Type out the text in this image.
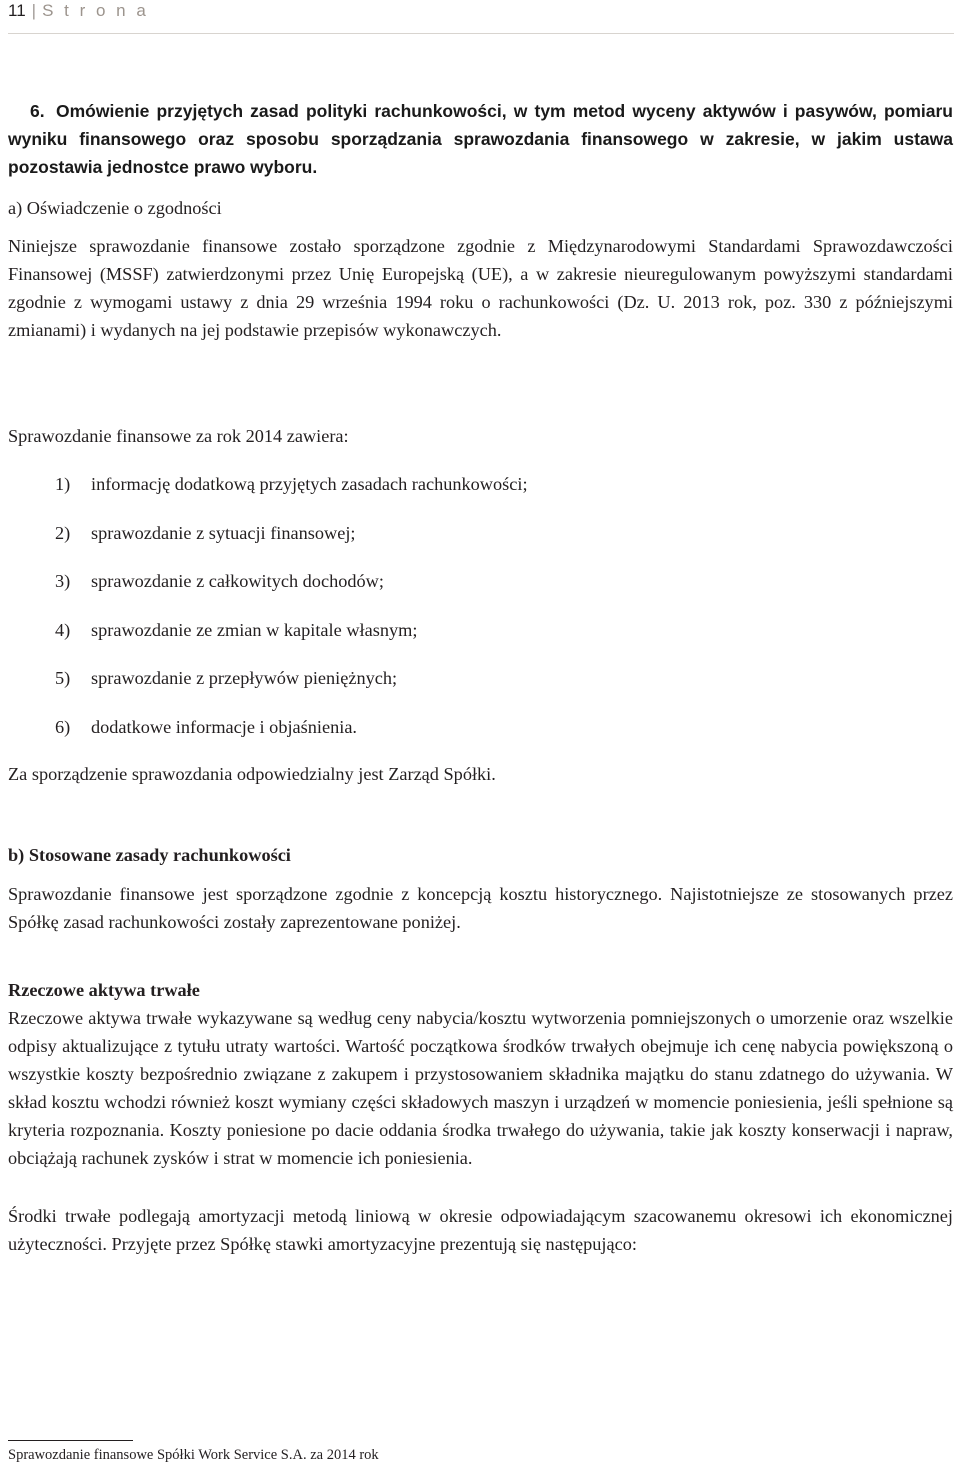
11 | S t r o n a
6. Omówienie przyjętych zasad polityki rachunkowości, w tym metod wyceny aktywów i pasywów, pomiaru wyniku finansowego oraz sposobu sporządzania sprawozdania finansowego w zakresie, w jakim ustawa pozostawia jednostce prawo wyboru.
a) Oświadczenie o zgodności
Niniejsze sprawozdanie finansowe zostało sporządzone zgodnie z Międzynarodowymi Standardami Sprawozdawczości Finansowej (MSSF) zatwierdzonymi przez Unię Europejską (UE), a w zakresie nieuregulowanym powyższymi standardami zgodnie z wymogami ustawy z dnia 29 września 1994 roku o rachunkowości (Dz. U. 2013 rok, poz. 330 z późniejszymi zmianami) i wydanych na jej podstawie przepisów wykonawczych.
Sprawozdanie finansowe za rok 2014 zawiera:
1) informację dodatkową przyjętych zasadach rachunkowości;
2) sprawozdanie z sytuacji finansowej;
3) sprawozdanie z całkowitych dochodów;
4) sprawozdanie ze zmian w kapitale własnym;
5) sprawozdanie z przepływów pieniężnych;
6) dodatkowe informacje i objaśnienia.
Za sporządzenie sprawozdania odpowiedzialny jest Zarząd Spółki.
b) Stosowane zasady rachunkowości
Sprawozdanie finansowe jest sporządzone zgodnie z koncepcją kosztu historycznego. Najistotniejsze ze stosowanych przez Spółkę zasad rachunkowości zostały zaprezentowane poniżej.
Rzeczowe aktywa trwałe
Rzeczowe aktywa trwałe wykazywane są według ceny nabycia/kosztu wytworzenia pomniejszonych o umorzenie oraz wszelkie odpisy aktualizujące z tytułu utraty wartości. Wartość początkowa środków trwałych obejmuje ich cenę nabycia powiększoną o wszystkie koszty bezpośrednio związane z zakupem i przystosowaniem składnika majątku do stanu zdatnego do używania. W skład kosztu wchodzi również koszt wymiany części składowych maszyn i urządzeń w momencie poniesienia, jeśli spełnione są kryteria rozpoznania. Koszty poniesione po dacie oddania środka trwałego do używania, takie jak koszty konserwacji i napraw, obciążają rachunek zysków i strat w momencie ich poniesienia.
Środki trwałe podlegają amortyzacji metodą liniową w okresie odpowiadającym szacowanemu okresowi ich ekonomicznej użyteczności. Przyjęte przez Spółkę stawki amortyzacyjne prezentują się następująco:
Sprawozdanie finansowe Spółki Work Service S.A. za 2014 rok
